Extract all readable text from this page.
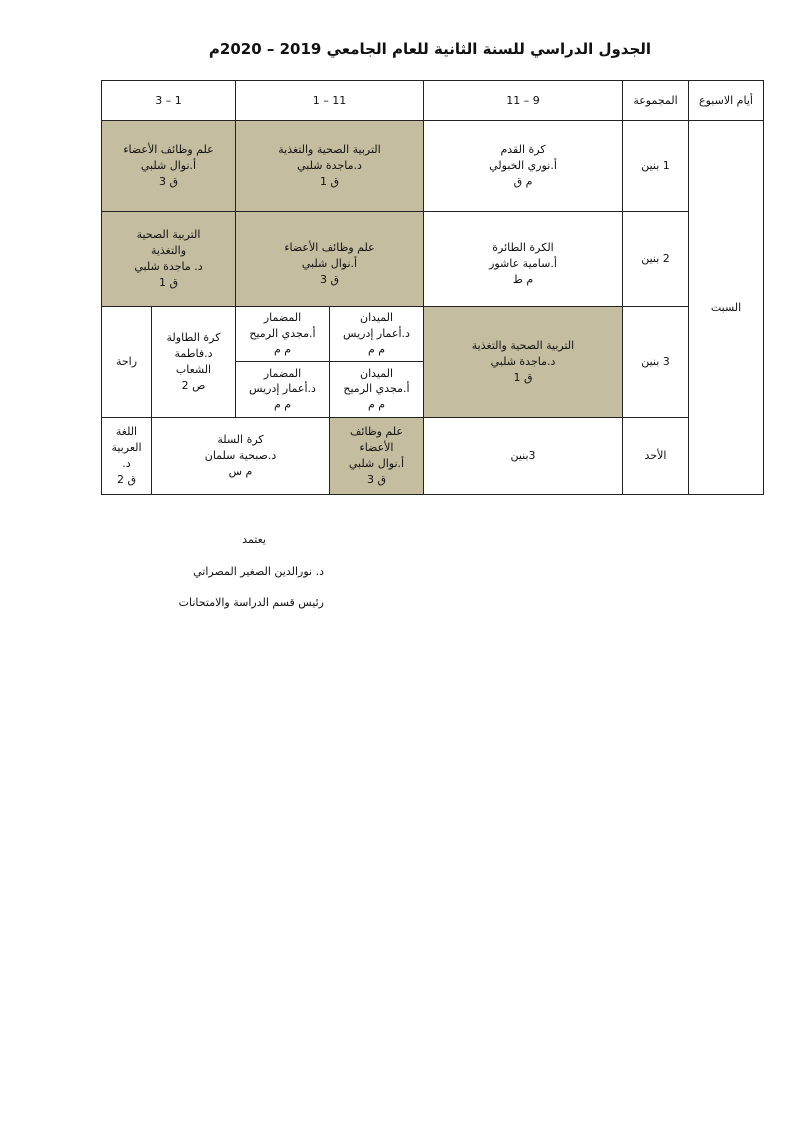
الجدول الدراسي للسنة الثانية للعام الجامعي 2019 – 2020م
أيام الاسبوع	المجموعة	9 – 11	11 – 1		1 – 3	
السبت	1 بنين	كرة القدم
أ.نوري الخبولي
م ق	التربية الصحية والتغذية
د.ماجدة شلبي
ق 1		علم وظائف الأعضاء
أ.نوال شلبي
ق 3	

	2 بنين	الكرة الطائرة
أ.سامية عاشور
م ط	علم وظائف الأعضاء
أ.نوال شلبي
ق 3		التربية الصحية
والتغذية
د. ماجدة شلبي
ق 1	

	3 بنين	التربية الصحية والتغذية
د.ماجدة شلبي
ق 1	الميدان
د.أعمار إدريس
م م	المضمار
أ.مجدي الرميح
م م	كرة الطاولة
د.فاطمة
الشعاب
ص 2	راحة

			الميدان
أ.مجدي الرميح
م م	المضمار
د.أعمار إدريس
م م		

	الأحد	3بنين	علم وظائف الأعضاء
أ.نوال شلبي
ق 3	كرة السلة
د.صبحية سلمان
م س		اللغة العربية
د.
ق 2
يعتمد
د. نورالدين الصغير المصراتي
رئيس قسم الدراسة والامتحانات
